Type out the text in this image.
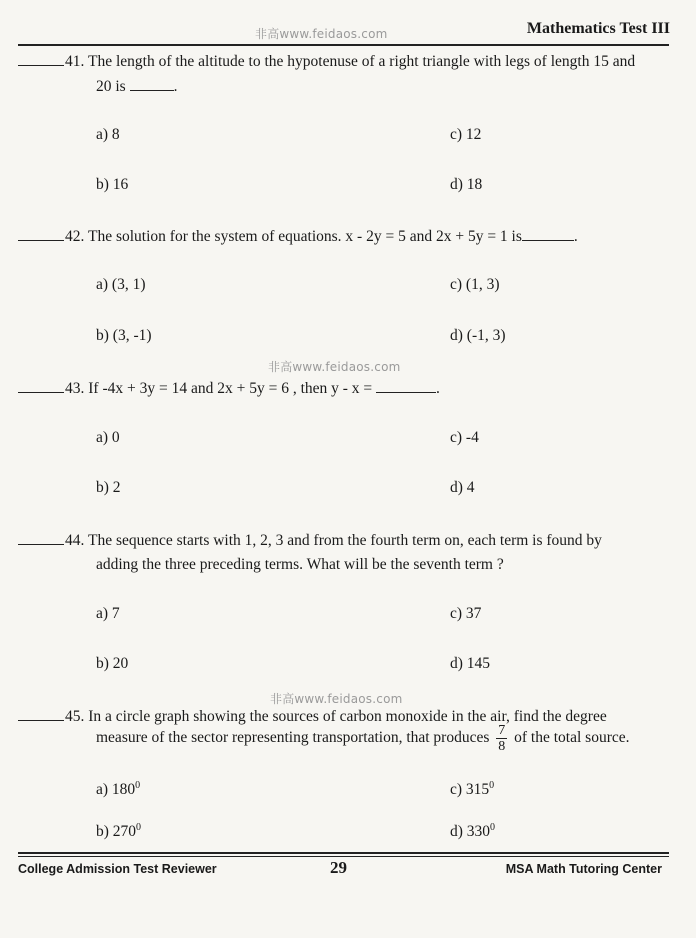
Mathematics Test III
非高www.feidaos.com
41. The length of the altitude to the hypotenuse of a right triangle with legs of length 15 and
20 is	.
a) 8	c) 12
b) 16	d) 18
42. The solution for the system of equations. x - 2y = 5 and 2x + 5y = 1 is	.
a) (3, 1)	c) (1, 3)
b) (3, -1)	d) (-1, 3)
非高www.feidaos.com
43. If -4x + 3y = 14 and 2x + 5y = 6 , then y - x =	.
a) 0	c) -4
b) 2	d) 4
44. The sequence starts with 1, 2, 3 and from the fourth term on, each term is found by
adding the three preceding terms. What will be the seventh term ?
a) 7	c) 37
b) 20	d) 145
非高www.feidaos.com
45. In a circle graph showing the sources of carbon monoxide in the air, find the degree
measure of the sector representing transportation, that produces $\frac{7}{8}$ of the total source.
a) $180^0$	c) $315^0$
b) $270^0$	d) $330^0$
College Admission Test Reviewer	29	MSA Math Tutoring Center
